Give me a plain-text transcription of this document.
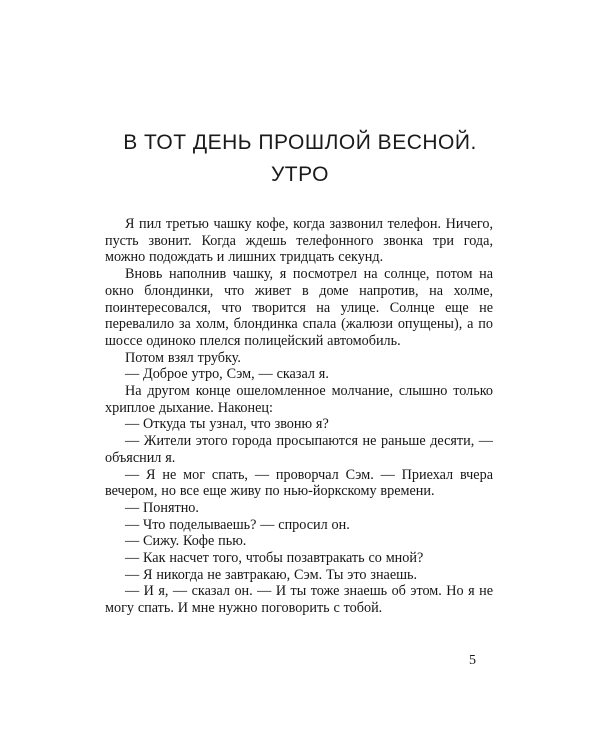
В ТОТ ДЕНЬ ПРОШЛОЙ ВЕСНОЙ.
УТРО

Я пил третью чашку кофе, когда зазвонил телефон. Ничего, пусть звонит. Когда ждешь телефонного звонка три года, можно подождать и лишних тридцать секунд.

Вновь наполнив чашку, я посмотрел на солнце, потом на окно блондинки, что живет в доме напротив, на холме, поинтересовался, что творится на улице. Солнце еще не перевалило за холм, блондинка спала (жалюзи опущены), а по шоссе одиноко плелся полицейский автомобиль.

Потом взял трубку.

— Доброе утро, Сэм, — сказал я.

На другом конце ошеломленное молчание, слышно только хриплое дыхание. Наконец:

— Откуда ты узнал, что звоню я?

— Жители этого города просыпаются не раньше десяти, — объяснил я.

— Я не мог спать, — проворчал Сэм. — Приехал вчера вечером, но все еще живу по нью-йоркскому времени.

— Понятно.

— Что поделываешь? — спросил он.

— Сижу. Кофе пью.

— Как насчет того, чтобы позавтракать со мной?

— Я никогда не завтракаю, Сэм. Ты это знаешь.

— И я, — сказал он. — И ты тоже знаешь об этом. Но я не могу спать. И мне нужно поговорить с тобой.

5
